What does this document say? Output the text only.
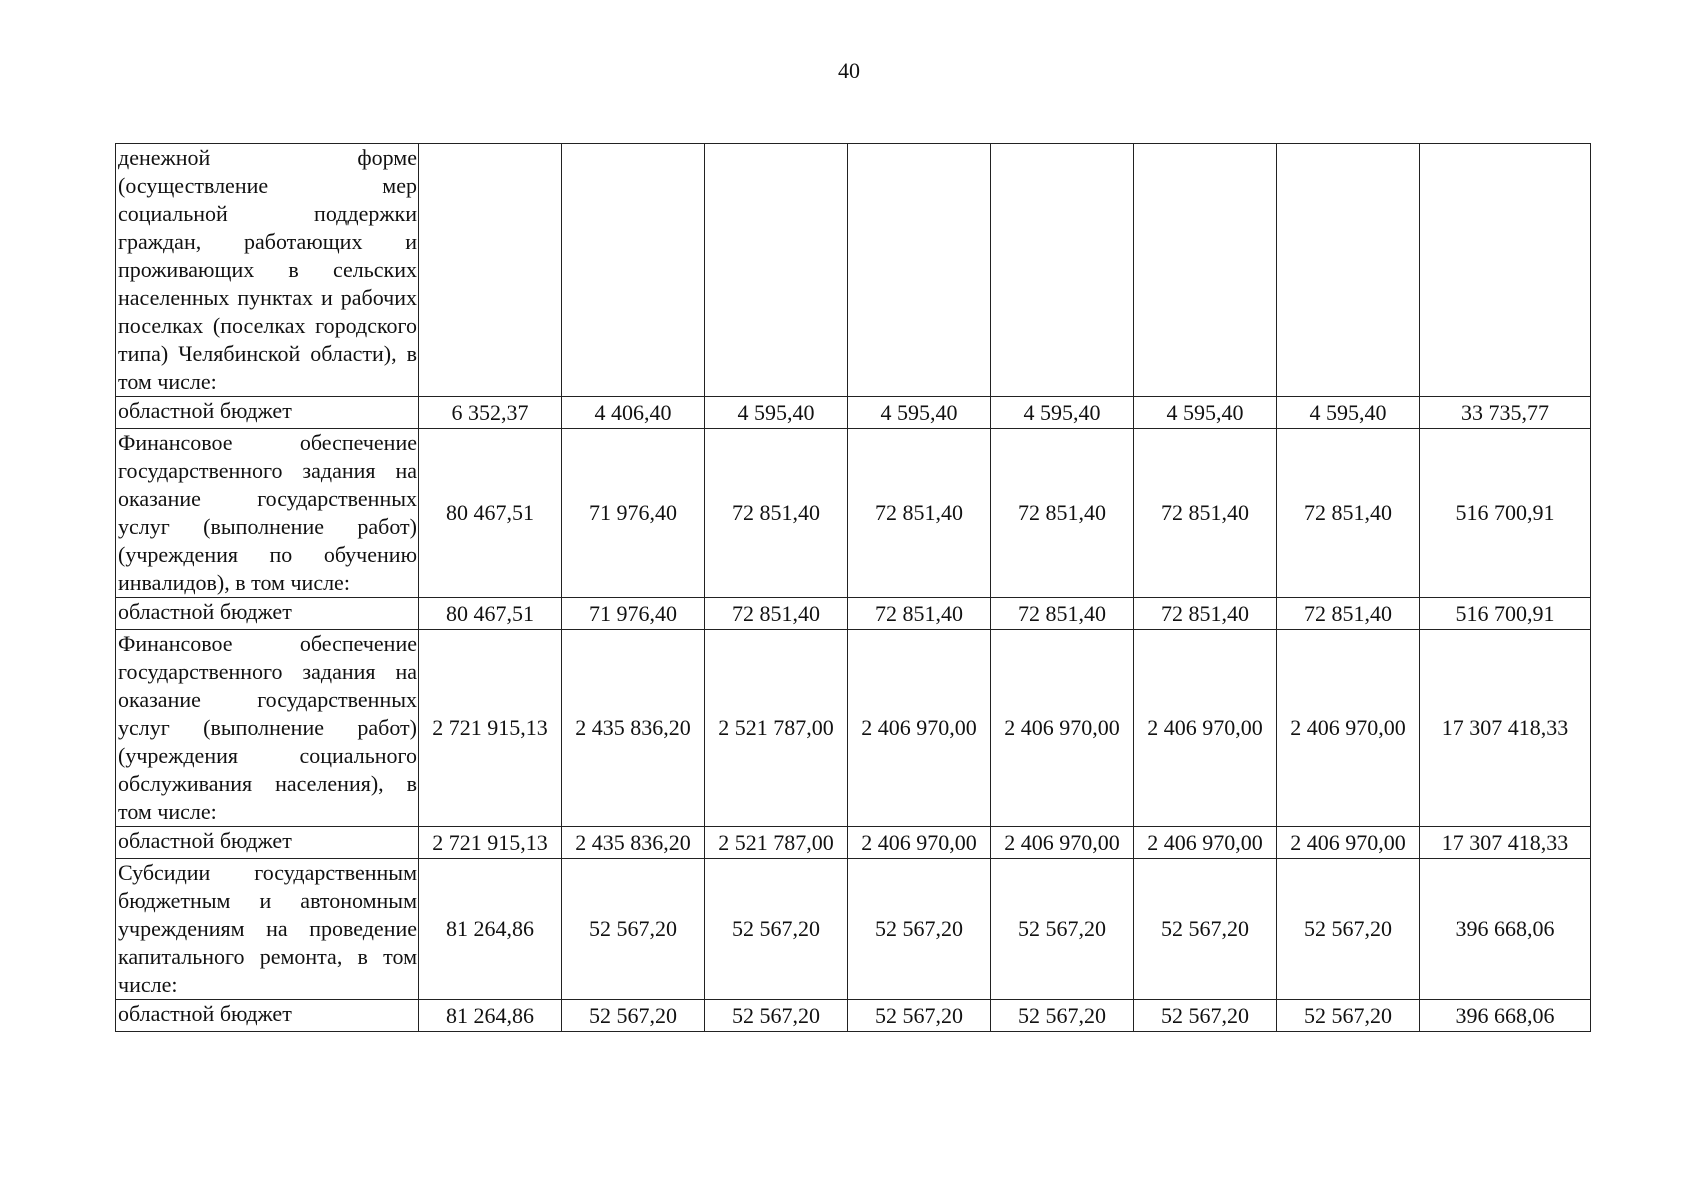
40
денежной форме (осуществление мер социальной поддержки граждан, работающих и проживающих в сельских населенных пунктах и рабочих поселках (поселках городского типа) Челябинской области), в том числе:								
областной бюджет	6 352,37	4 406,40	4 595,40	4 595,40	4 595,40	4 595,40	4 595,40	33 735,77
Финансовое обеспечение государственного задания на оказание государственных услуг (выполнение работ) (учреждения по обучению инвалидов), в том числе:	80 467,51	71 976,40	72 851,40	72 851,40	72 851,40	72 851,40	72 851,40	516 700,91
областной бюджет	80 467,51	71 976,40	72 851,40	72 851,40	72 851,40	72 851,40	72 851,40	516 700,91
Финансовое обеспечение государственного задания на оказание государственных услуг (выполнение работ) (учреждения социального обслуживания населения), в том числе:	2 721 915,13	2 435 836,20	2 521 787,00	2 406 970,00	2 406 970,00	2 406 970,00	2 406 970,00	17 307 418,33
областной бюджет	2 721 915,13	2 435 836,20	2 521 787,00	2 406 970,00	2 406 970,00	2 406 970,00	2 406 970,00	17 307 418,33
Субсидии государственным бюджетным и автономным учреждениям на проведение капитального ремонта, в том числе:	81 264,86	52 567,20	52 567,20	52 567,20	52 567,20	52 567,20	52 567,20	396 668,06
областной бюджет	81 264,86	52 567,20	52 567,20	52 567,20	52 567,20	52 567,20	52 567,20	396 668,06
